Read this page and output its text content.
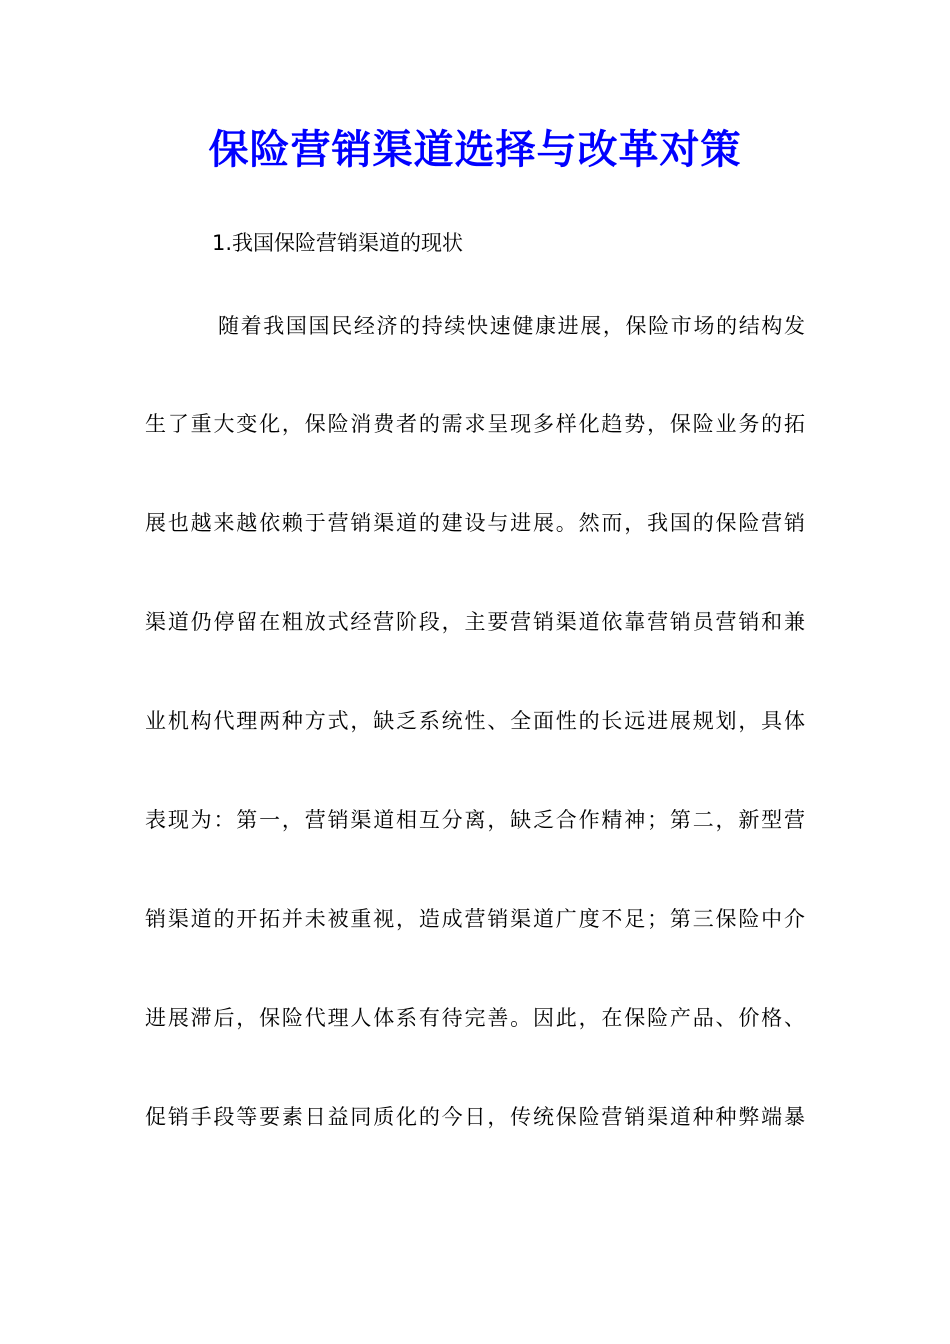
保险营销渠道选择与改革对策
1.我国保险营销渠道的现状
随着我国国民经济的持续快速健康进展，保险市场的结构发
生了重大变化，保险消费者的需求呈现多样化趋势，保险业务的拓
展也越来越依赖于营销渠道的建设与进展。然而，我国的保险营销
渠道仍停留在粗放式经营阶段，主要营销渠道依靠营销员营销和兼
业机构代理两种方式，缺乏系统性、全面性的长远进展规划，具体
表现为：第一，营销渠道相互分离，缺乏合作精神；第二，新型营
销渠道的开拓并未被重视，造成营销渠道广度不足；第三保险中介
进展滞后，保险代理人体系有待完善。因此，在保险产品、价格、
促销手段等要素日益同质化的今日，传统保险营销渠道种种弊端暴
